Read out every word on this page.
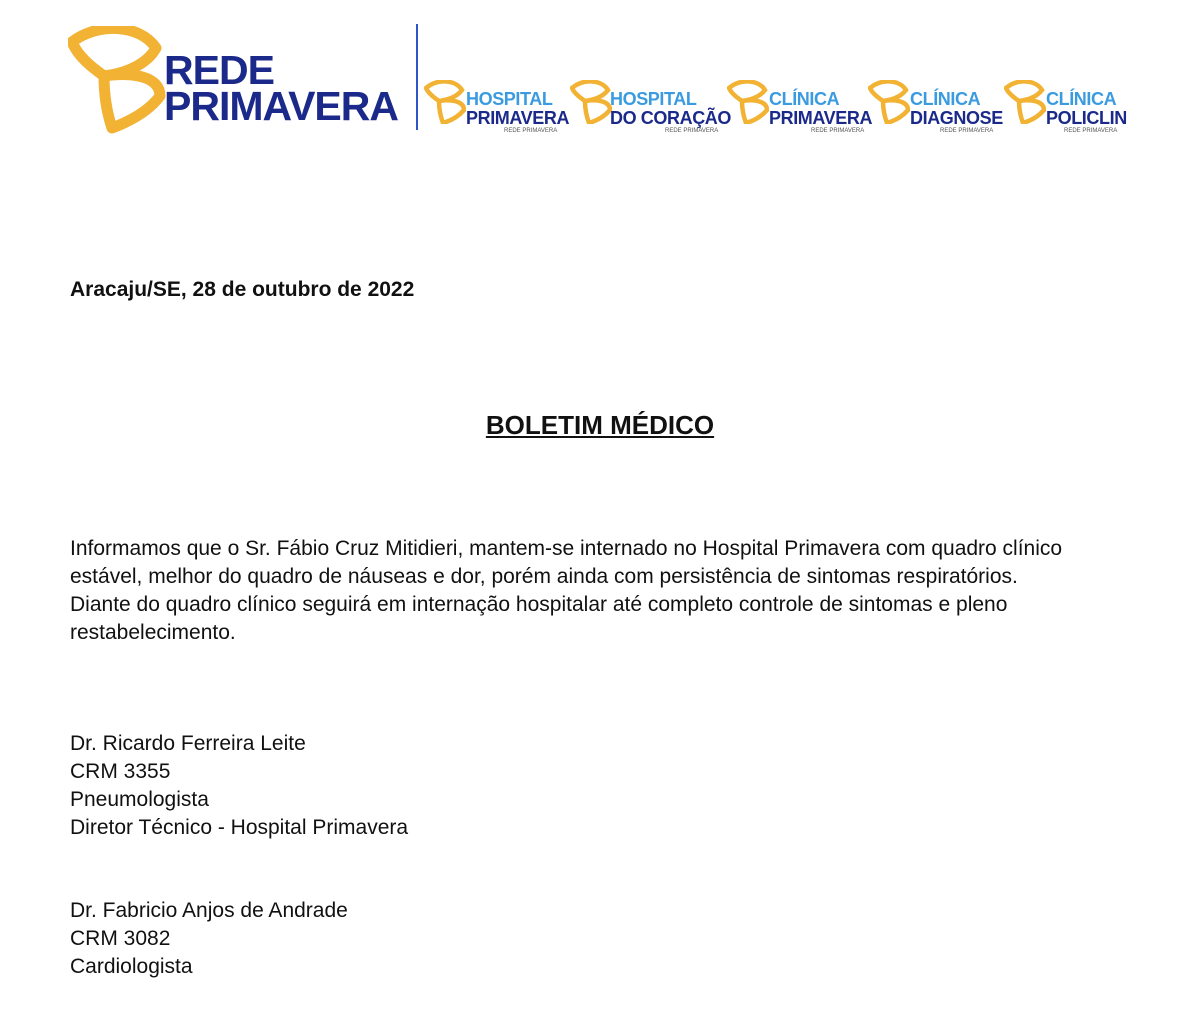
REDE
PRIMAVERA	HOSPITAL
PRIMAVERA
REDE PRIMAVERA
HOSPITAL
DO CORAÇÃO
REDE PRIMAVERA
CLÍNICA
PRIMAVERA
REDE PRIMAVERA
CLÍNICA
DIAGNOSE
REDE PRIMAVERA
CLÍNICA
POLICLIN
REDE PRIMAVERA
Aracaju/SE, 28 de outubro de 2022
BOLETIM MÉDICO

Informamos que o Sr. Fábio Cruz Mitidieri, mantem-se internado no Hospital Primavera com quadro clínico estável, melhor do quadro de náuseas e dor, porém ainda com persistência de sintomas respiratórios.

Diante do quadro clínico seguirá em internação hospitalar até completo controle de sintomas e pleno restabelecimento.

Dr. Ricardo Ferreira Leite
CRM 3355
Pneumologista
Diretor Técnico - Hospital Primavera
Dr. Fabricio Anjos de Andrade
CRM 3082
Cardiologista
